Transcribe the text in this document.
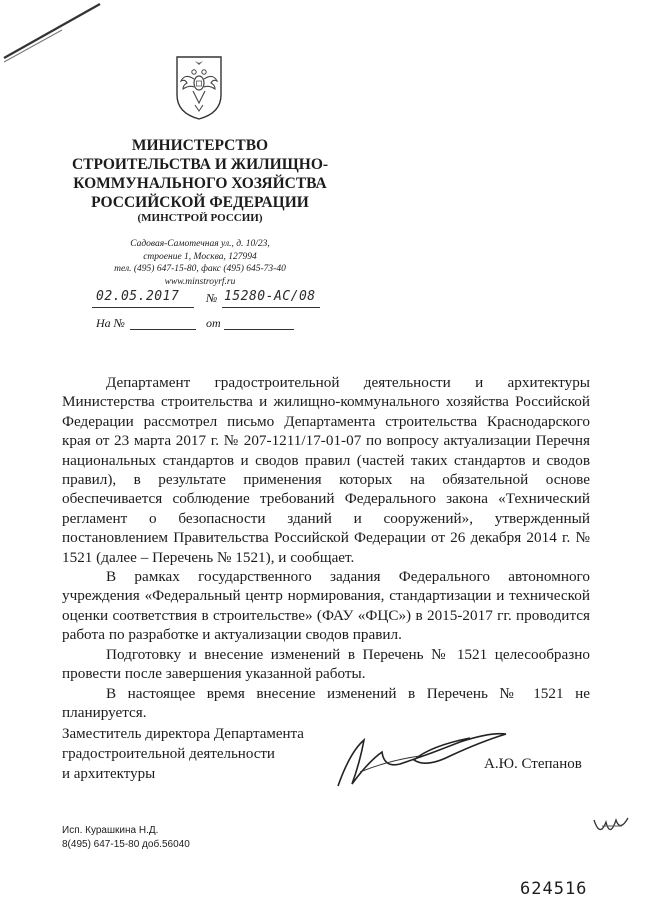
МИНИСТЕРСТВО
СТРОИТЕЛЬСТВА И ЖИЛИЩНО-
КОММУНАЛЬНОГО ХОЗЯЙСТВА
РОССИЙСКОЙ ФЕДЕРАЦИИ
(МИНСТРОЙ РОССИИ)
Садовая-Самотечная ул., д. 10/23,
строение 1, Москва, 127994
тел. (495) 647-15-80, факс (495) 645-73-40
www.minstroyrf.ru
02.05.2017 № 15280-АС/08
На №	от

Департамент градостроительной деятельности и архитектуры Министерства строительства и жилищно-коммунального хозяйства Российской Федерации рассмотрел письмо Департамента строительства Краснодарского края от 23 марта 2017 г. № 207-1211/17-01-07 по вопросу актуализации Перечня национальных стандартов и сводов правил (частей таких стандартов и сводов правил), в результате применения которых на обязательной основе обеспечивается соблюдение требований Федерального закона «Технический регламент о безопасности зданий и сооружений», утвержденный постановлением Правительства Российской Федерации от 26 декабря 2014 г. № 1521 (далее – Перечень № 1521), и сообщает.

В рамках государственного задания Федерального автономного учреждения «Федеральный центр нормирования, стандартизации и технической оценки соответствия в строительстве» (ФАУ «ФЦС») в 2015-2017 гг. проводится работа по разработке и актуализации сводов правил.

Подготовку и внесение изменений в Перечень № 1521 целесообразно провести после завершения указанной работы.

В настоящее время внесение изменений в Перечень № 1521 не планируется.

Заместитель директора Департамента
градостроительной деятельности
и архитектуры
А.Ю. Степанов
Исп. Курашкина Н.Д.
8(495) 647-15-80 доб.56040
624516
